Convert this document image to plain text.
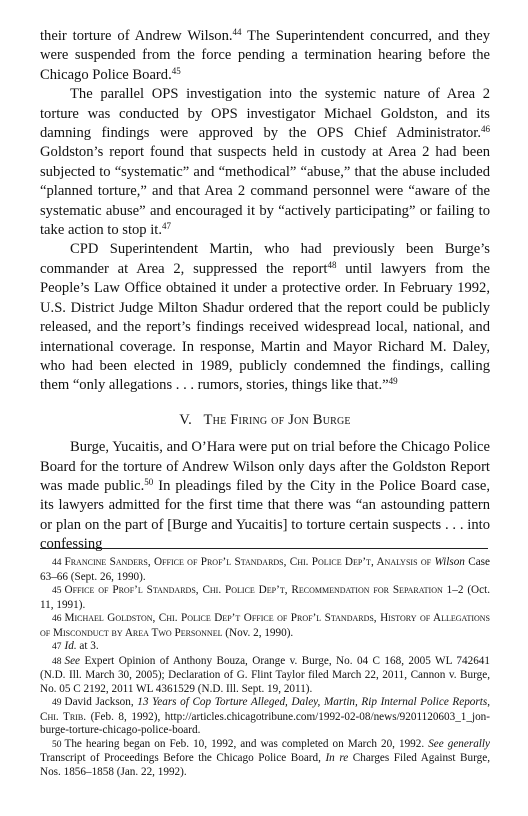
their torture of Andrew Wilson.$^{44}$ The Superintendent concurred, and they were suspended from the force pending a termination hearing before the Chicago Police Board.$^{45}$

The parallel OPS investigation into the systemic nature of Area 2 torture was conducted by OPS investigator Michael Goldston, and its damning findings were approved by the OPS Chief Administrator.$^{46}$ Goldston’s report found that suspects held in custody at Area 2 had been subjected to “systematic” and “methodical” “abuse,” that the abuse included “planned torture,” and that Area 2 command personnel were “aware of the systematic abuse” and encouraged it by “actively participating” or failing to take action to stop it.$^{47}$

CPD Superintendent Martin, who had previously been Burge’s commander at Area 2, suppressed the report$^{48}$ until lawyers from the People’s Law Office obtained it under a protective order. In February 1992, U.S. District Judge Milton Shadur ordered that the report could be publicly released, and the report’s findings received widespread local, national, and international coverage. In response, Martin and Mayor Richard M. Daley, who had been elected in 1989, publicly condemned the findings, calling them “only allegations . . . rumors, stories, things like that.”$^{49}$

V. The Firing of Jon Burge

Burge, Yucaitis, and O’Hara were put on trial before the Chicago Police Board for the torture of Andrew Wilson only days after the Goldston Report was made public.$^{50}$ In pleadings filed by the City in the Police Board case, its lawyers admitted for the first time that there was “an astounding pattern or plan on the part of [Burge and Yucaitis] to torture certain suspects . . . into confessing

44 Francine Sanders, Office of Prof’l Standards, Chi. Police Dep’t, Analysis of Wilson Case 63–66 (Sept. 26, 1990).

45 Office of Prof’l Standards, Chi. Police Dep’t, Recommendation for Separation 1–2 (Oct. 11, 1991).

46 Michael Goldston, Chi. Police Dep’t Office of Prof’l Standards, History of Allegations of Misconduct by Area Two Personnel (Nov. 2, 1990).

47 Id. at 3.

48 See Expert Opinion of Anthony Bouza, Orange v. Burge, No. 04 C 168, 2005 WL 742641 (N.D. Ill. March 30, 2005); Declaration of G. Flint Taylor filed March 22, 2011, Cannon v. Burge, No. 05 C 2192, 2011 WL 4361529 (N.D. Ill. Sept. 19, 2011).

49 David Jackson, 13 Years of Cop Torture Alleged, Daley, Martin, Rip Internal Police Reports, Chi. Trib. (Feb. 8, 1992), http://articles.chicagotribune.com/1992-02-08/news/9201120603_1_jon-burge-torture-chicago-police-board.

50 The hearing began on Feb. 10, 1992, and was completed on March 20, 1992. See generally Transcript of Proceedings Before the Chicago Police Board, In re Charges Filed Against Burge, Nos. 1856–1858 (Jan. 22, 1992).
